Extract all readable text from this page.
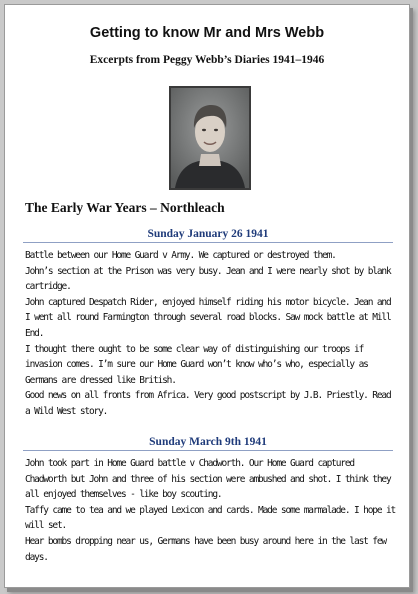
Getting to know Mr and Mrs Webb
Excerpts from Peggy Webb’s Diaries 1941–1946
The Early War Years – Northleach
Sunday January 26 1941

Battle between our Home Guard v Army. We captured or destroyed them.

John’s section at the Prison was very busy. Jean and I were nearly shot by blank cartridge.

John captured Despatch Rider, enjoyed himself riding his motor bicycle. Jean and I went all round Farmington through several road blocks. Saw mock battle at Mill End.

I thought there ought to be some clear way of distinguishing our troops if invasion comes. I’m sure our Home Guard won’t know who’s who, especially as Germans are dressed like British.

Good news on all fronts from Africa. Very good postscript by J.B. Priestly. Read a Wild West story.

Sunday March 9th 1941

John took part in Home Guard battle v Chadworth. Our Home Guard captured Chadworth but John and three of his section were ambushed and shot. I think they all enjoyed themselves - like boy scouting.

Taffy came to tea and we played Lexicon and cards. Made some marmalade. I hope it will set.

Hear bombs dropping near us, Germans have been busy around here in the last few days.
